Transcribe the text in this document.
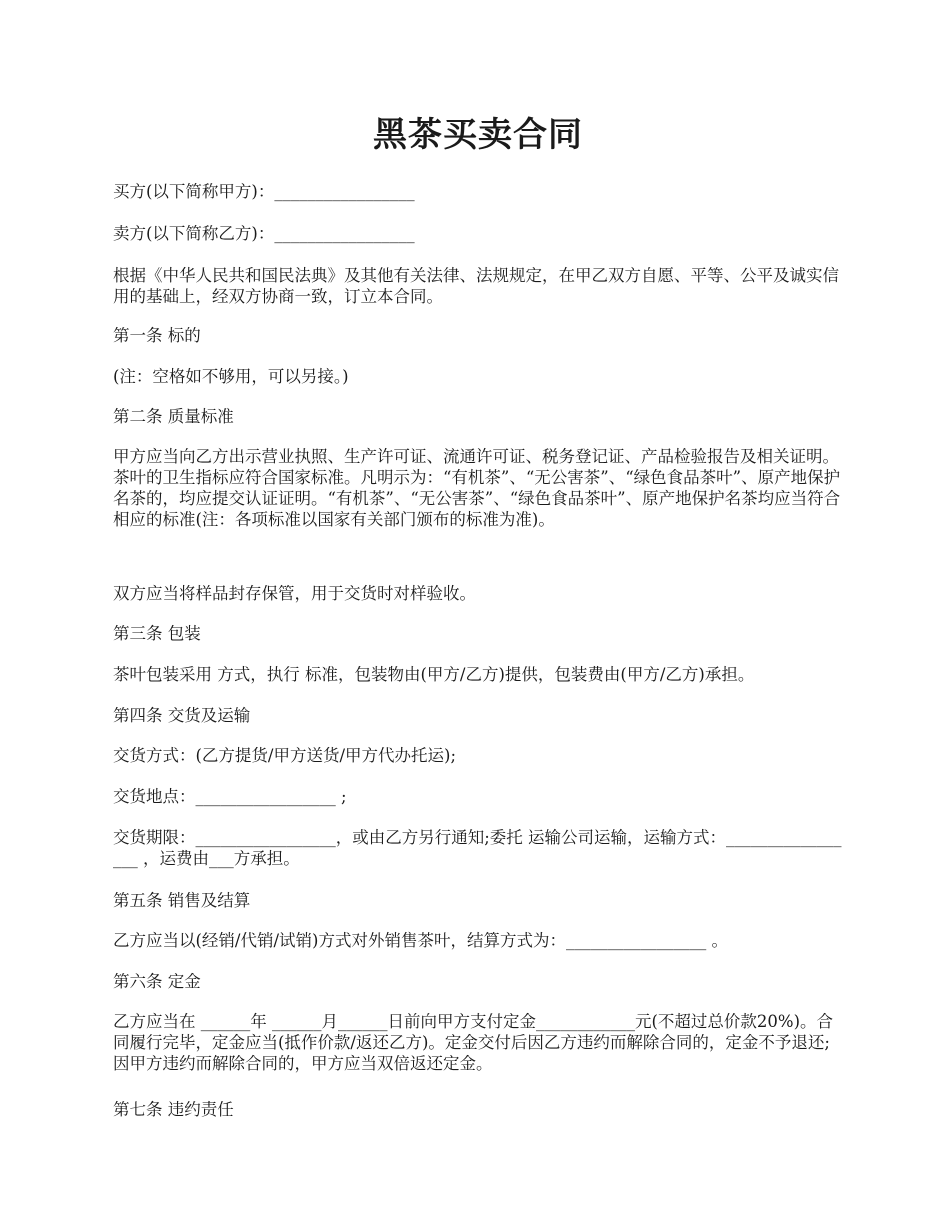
黑茶买卖合同

买方(以下简称甲方)：_________________

卖方(以下简称乙方)：_________________

根据《中华人民共和国民法典》及其他有关法律、法规规定，在甲乙双方自愿、平等、公平及诚实信用的基础上，经双方协商一致，订立本合同。

第一条 标的

(注：空格如不够用，可以另接。)

第二条 质量标准

甲方应当向乙方出示营业执照、生产许可证、流通许可证、税务登记证、产品检验报告及相关证明。茶叶的卫生指标应符合国家标准。凡明示为：“有机茶”、“无公害茶”、“绿色食品茶叶”、原产地保护名茶的，均应提交认证证明。“有机茶”、“无公害茶”、“绿色食品茶叶”、原产地保护名茶均应当符合相应的标准(注：各项标准以国家有关部门颁布的标准为准)。

双方应当将样品封存保管，用于交货时对样验收。

第三条 包装

茶叶包装采用 方式，执行 标准，包装物由(甲方/乙方)提供，包装费由(甲方/乙方)承担。

第四条 交货及运输

交货方式：(乙方提货/甲方送货/甲方代办托运);

交货地点：_________________ ;

交货期限：_________________，或由乙方另行通知;委托 运输公司运输，运输方式：_________________ ，运费由___方承担。

第五条 销售及结算

乙方应当以(经销/代销/试销)方式对外销售茶叶，结算方式为：_________________ 。

第六条 定金

乙方应当在 ______年 ______月______日前向甲方支付定金____________元(不超过总价款20%)。合同履行完毕，定金应当(抵作价款/返还乙方)。定金交付后因乙方违约而解除合同的，定金不予退还;因甲方违约而解除合同的，甲方应当双倍返还定金。

第七条 违约责任
